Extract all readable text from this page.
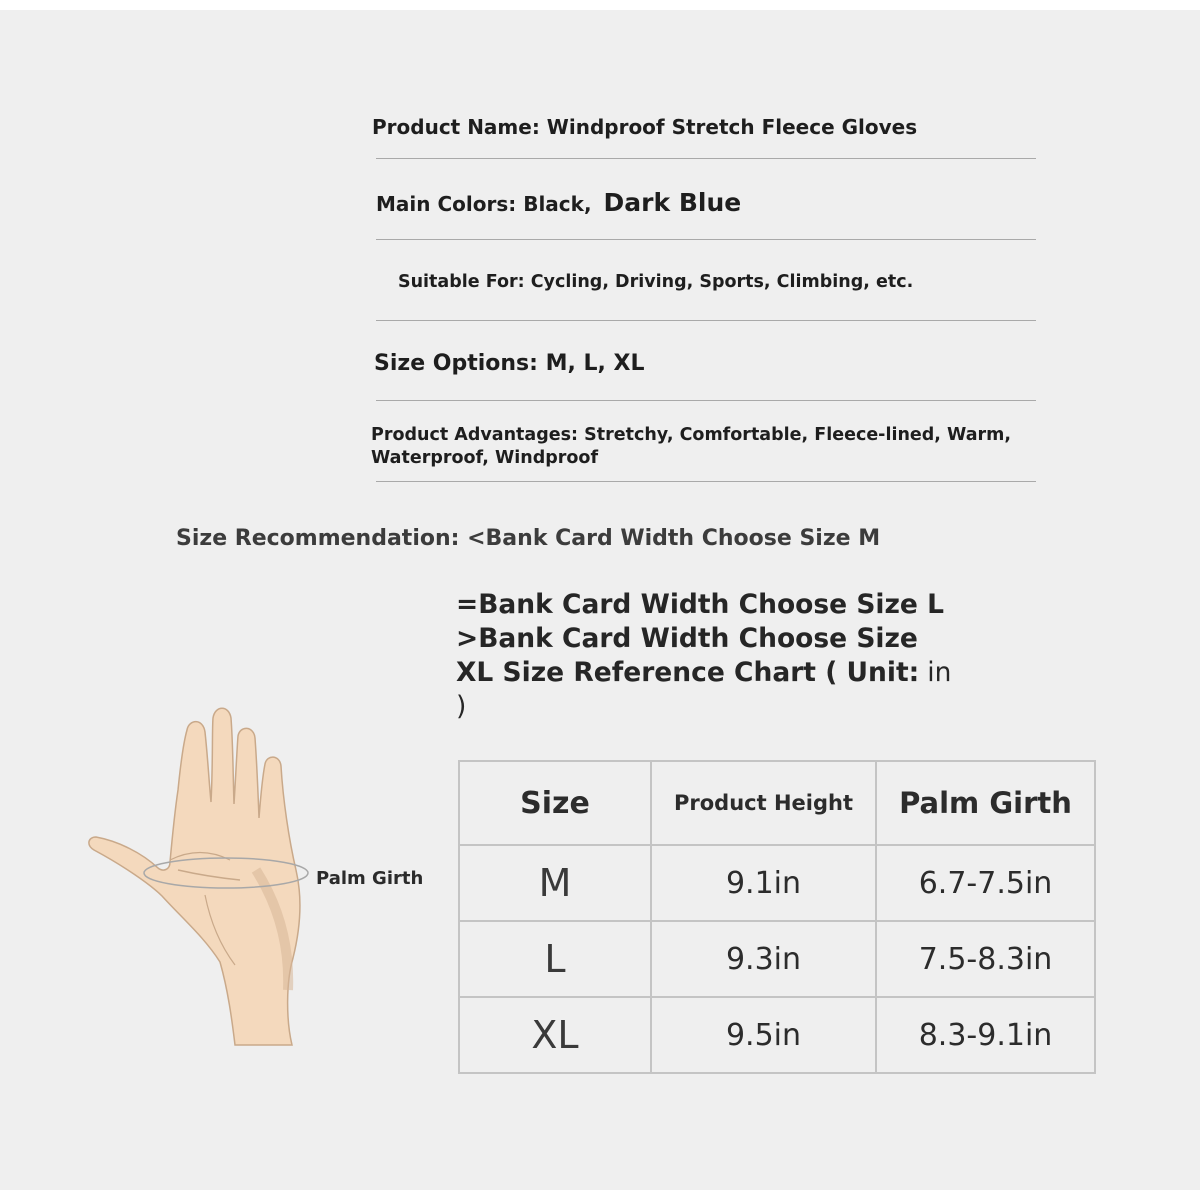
Product Name: Windproof Stretch Fleece Gloves
Main Colors: Black, Dark Blue
Suitable For: Cycling, Driving, Sports, Climbing, etc.
Size Options: M, L, XL
Product Advantages: Stretchy, Comfortable, Fleece-lined, Warm, Waterproof, Windproof
Size Recommendation: <Bank Card Width Choose Size M
=Bank Card Width Choose Size L >Bank Card Width Choose Size XL Size Reference Chart ( Unit: in )
Palm Girth
Size	Product Height	Palm Girth
M	9.1in	6.7-7.5in
L	9.3in	7.5-8.3in
XL	9.5in	8.3-9.1in
